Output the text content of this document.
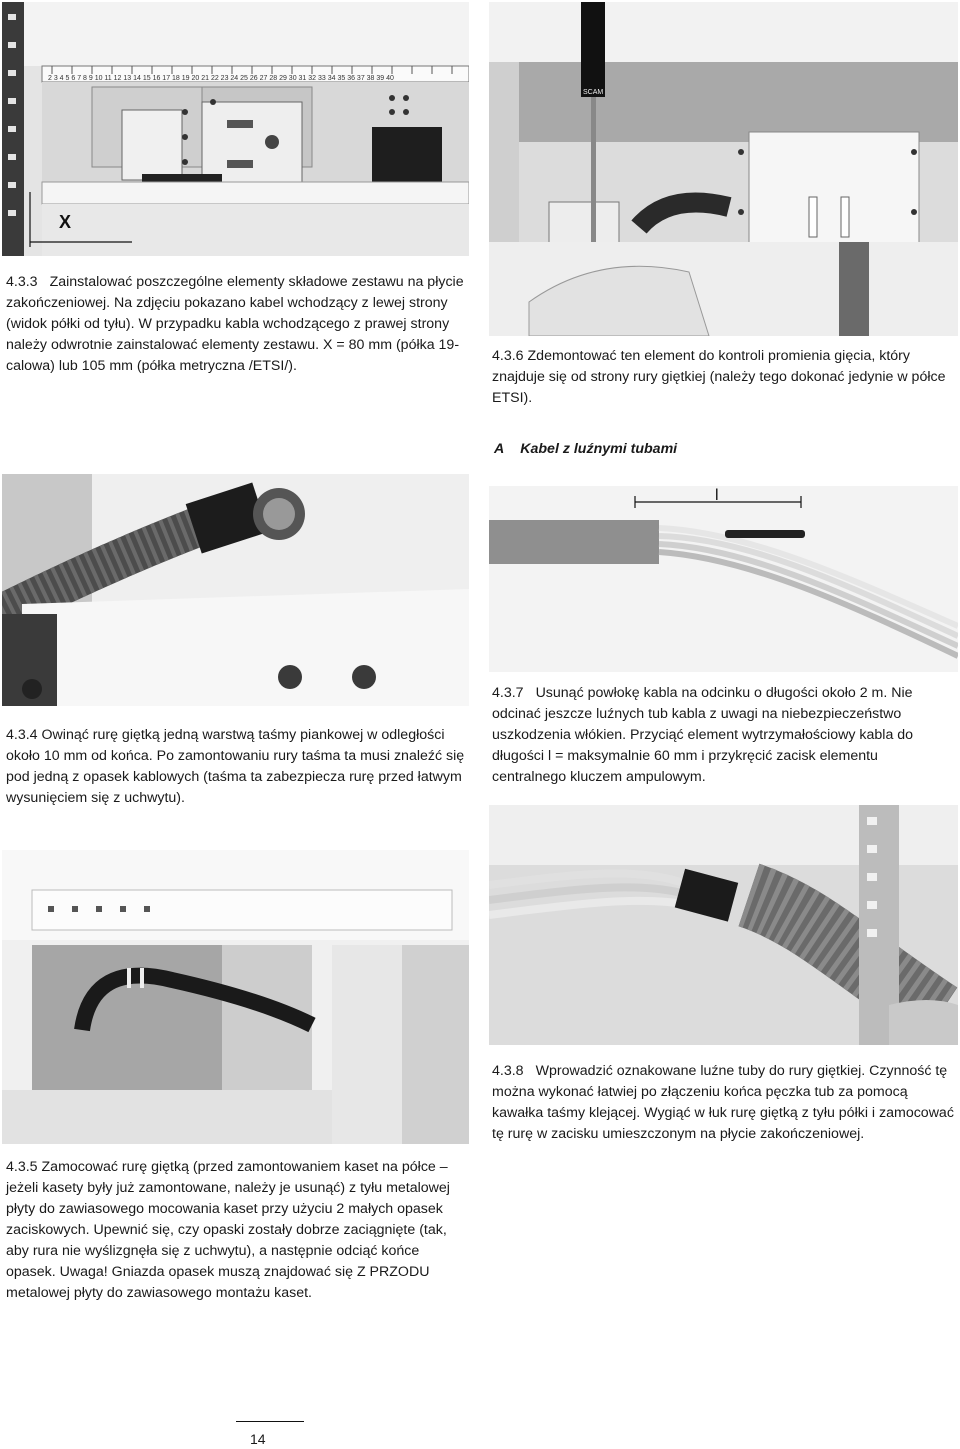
2 3 4 5 6 7 8 9 10 11 12 13 14 15 16 17 18 19 20 21 22 23 24 25 26 27 28 29 30 31 32 33 34 35 36 37 38 39 40
X
SCAM

4.3.3 Zainstalować poszczególne elementy składowe zestawu na płycie zakończeniowej. Na zdjęciu pokazano kabel wchodzący z lewej strony (widok półki od tyłu). W przypadku kabla wchodzącego z prawej strony należy odwrotnie zainstalować elementy zestawu. X = 80 mm (półka 19-calowa) lub 105 mm (półka metryczna /ETSI/).

4.3.6 Zdemontować ten element do kontroli promienia gięcia, który znajduje się od strony rury giętkiej (należy tego dokonać jedynie w półce ETSI).

A Kabel z luźnymi tubami
l

4.3.4 Owinąć rurę giętką jedną warstwą taśmy piankowej w odległości około 10 mm od końca. Po zamontowaniu rury taśma ta musi znaleźć się pod jedną z opasek kablowych (taśma ta zabezpiecza rurę przed łatwym wysunięciem się z uchwytu).

4.3.7 Usunąć powłokę kabla na odcinku o długości około 2 m. Nie odcinać jeszcze luźnych tub kabla z uwagi na niebezpieczeństwo uszkodzenia włókien. Przyciąć element wytrzymałościowy kabla do długości l = maksymalnie 60 mm i przykręcić zacisk elementu centralnego kluczem ampulowym.

4.3.5 Zamocować rurę giętką (przed zamontowaniem kaset na półce – jeżeli kasety były już zamontowane, należy je usunąć) z tyłu metalowej płyty do zawiasowego mocowania kaset przy użyciu 2 małych opasek zaciskowych. Upewnić się, czy opaski zostały dobrze zaciągnięte (tak, aby rura nie wyślizgnęła się z uchwytu), a następnie odciąć końce opasek. Uwaga! Gniazda opasek muszą znajdować się Z PRZODU metalowej płyty do zawiasowego montażu kaset.

4.3.8 Wprowadzić oznakowane luźne tuby do rury giętkiej. Czynność tę można wykonać łatwiej po złączeniu końca pęczka tub za pomocą kawałka taśmy klejącej. Wygiąć w łuk rurę giętką z tyłu półki i zamocować tę rurę w zacisku umieszczonym na płycie zakończeniowej.

14
